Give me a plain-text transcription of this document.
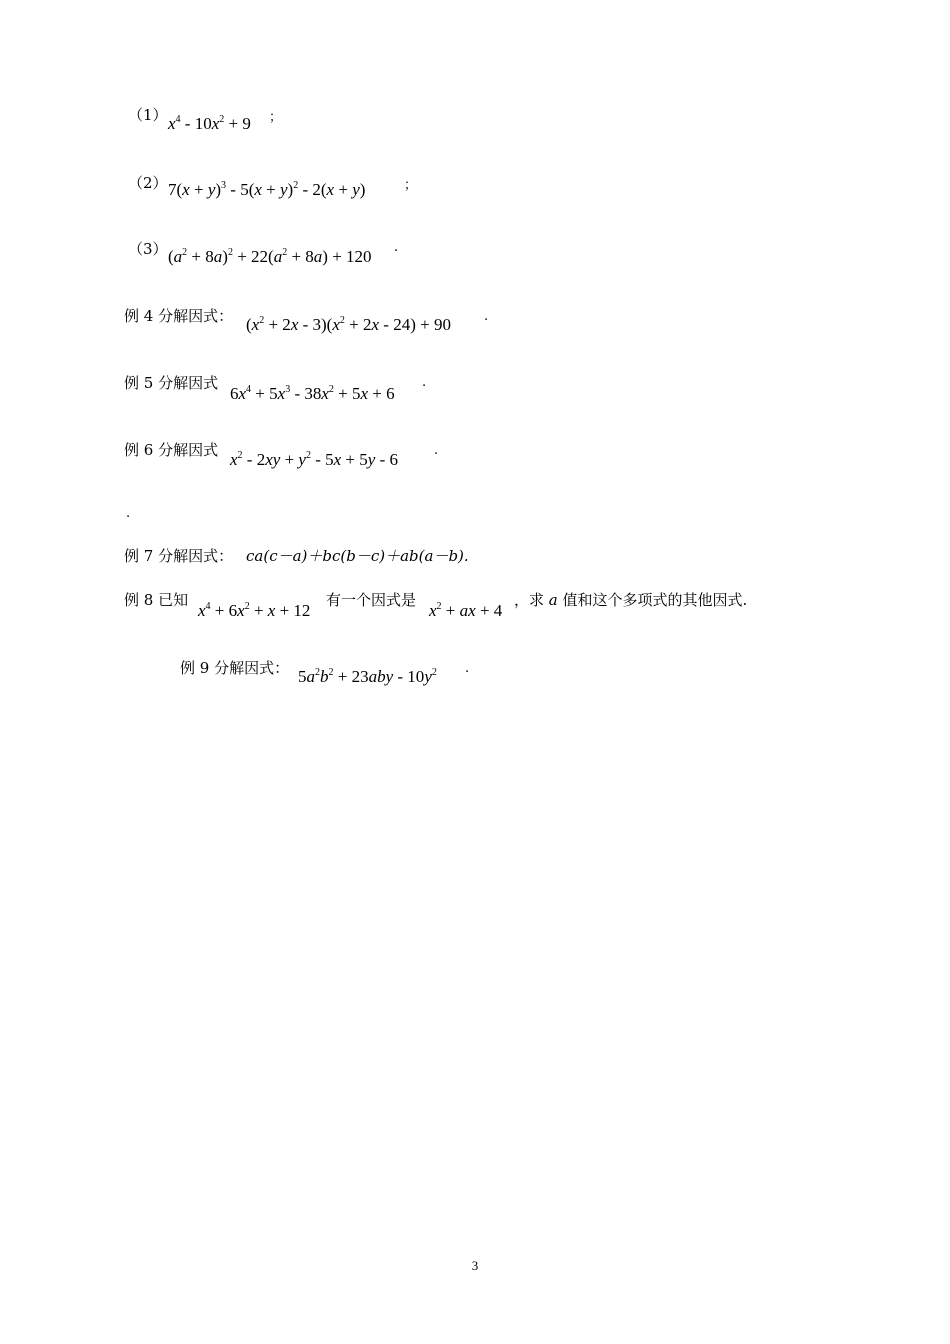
（1） $x^4 - 10x^2 + 9$ ；
（2） $7(x + y)^3 - 5(x + y)^2 - 2(x + y)$	；
（3） $(a^2 + 8a)^2 + 22(a^2 + 8a) + 120$ .
例 4 分解因式： $(x^2 + 2x - 3)(x^2 + 2x - 24) + 90$	.
例 5 分解因式
$6x^4 + 5x^3 - 38x^2 + 5x + 6$
.
例 6 分解因式 $x^2 - 2xy + y^2 - 5x + 5y - 6$	.
.
例 7 分解因式： ca(c－a)＋bc(b－c)＋ab(a－b).
例 8 已知
$x^4 + 6x^2 + x + 12$
有一个因式是
$x^2$ + ax + 4
，求 a 值和这个多项式的其他因式.
例 9 分解因式： $5a^2b^2 + 23aby - 10y^2$ .
3
